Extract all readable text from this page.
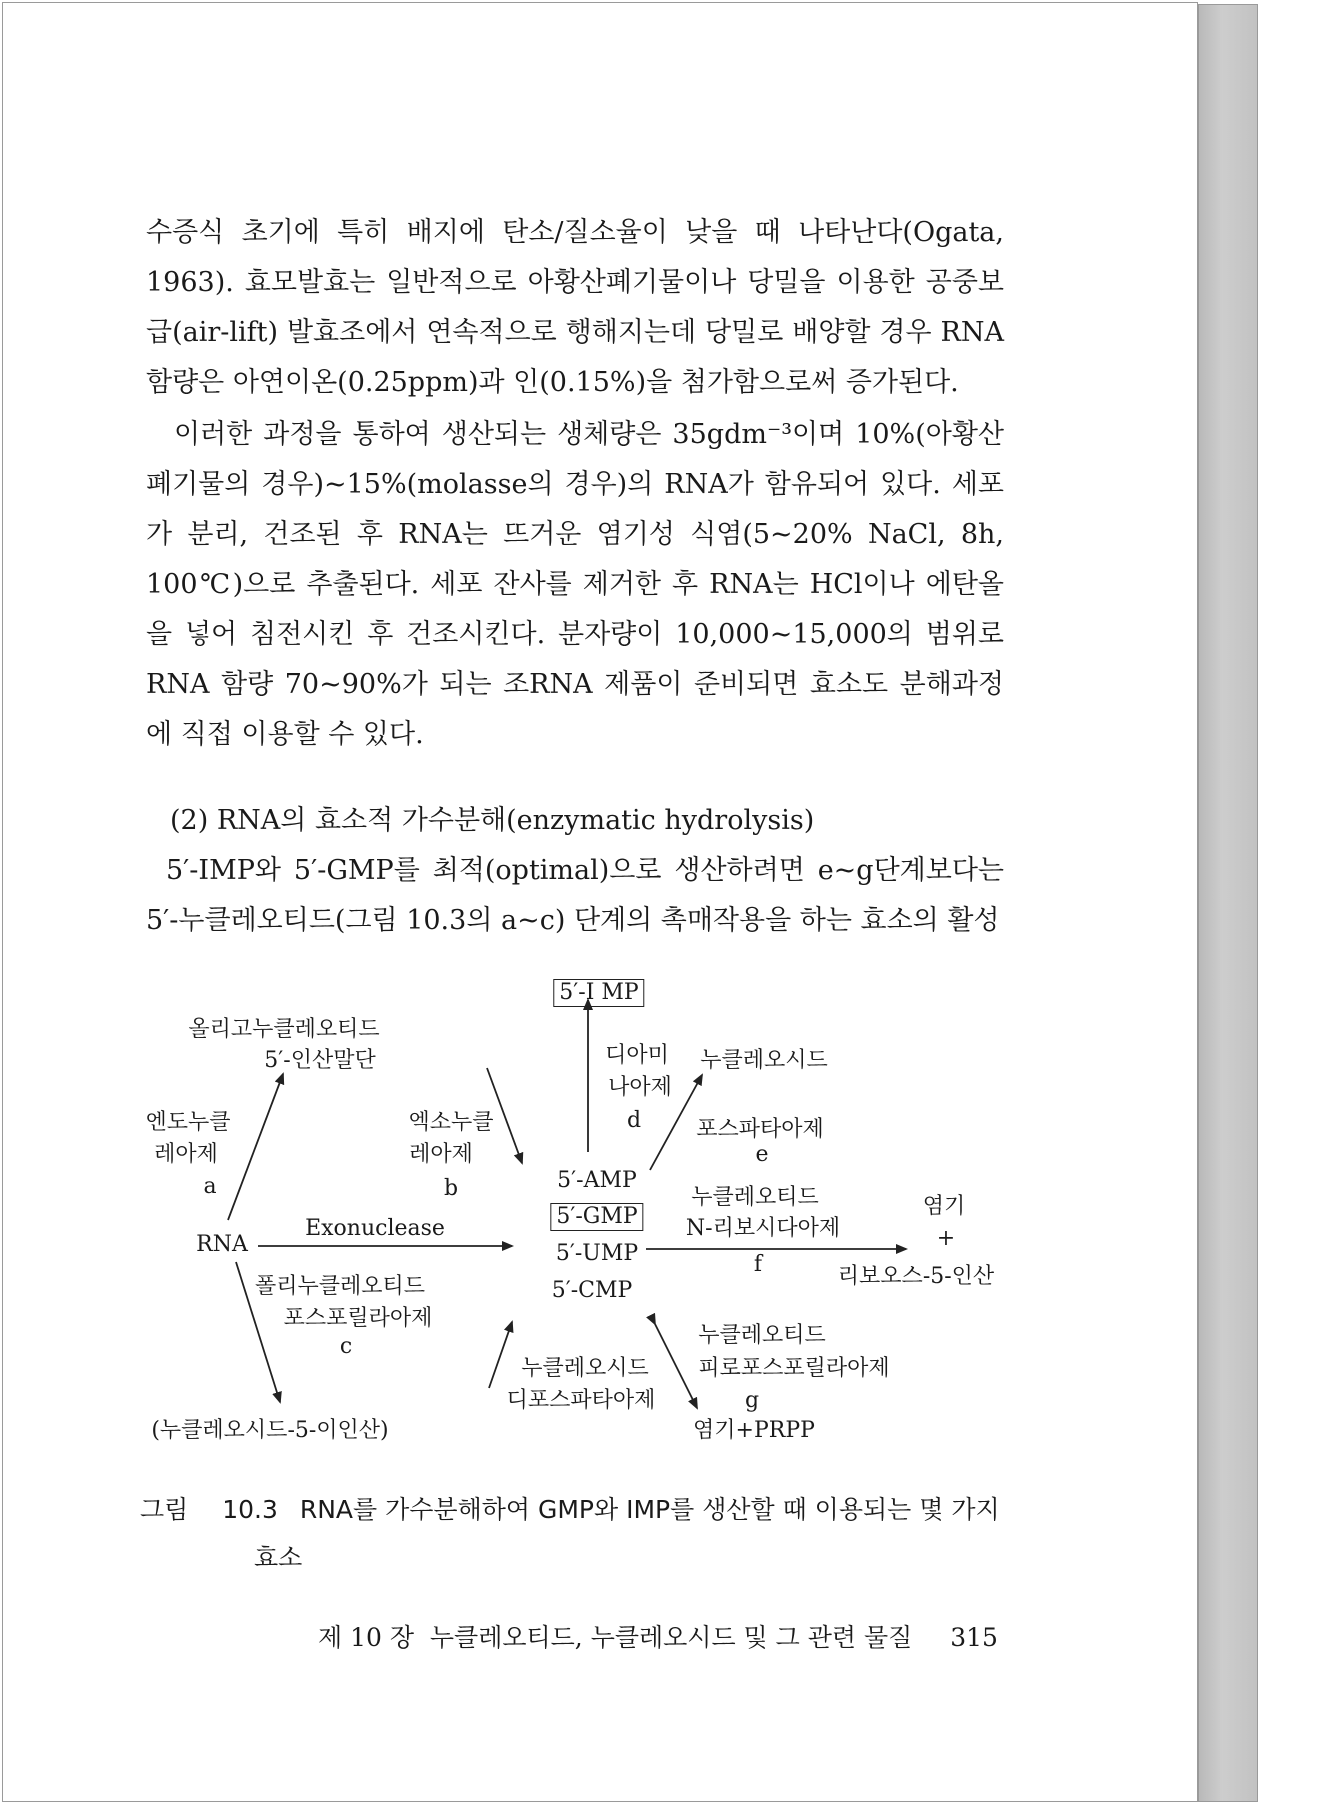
수증식 초기에 특히 배지에 탄소/질소율이 낮을 때 나타난다(Ogata, 1963). 효모발효는 일반적으로 아황산폐기물이나 당밀을 이용한 공중보급(air-lift) 발효조에서 연속적으로 행해지는데 당밀로 배양할 경우 RNA 함량은 아연이온(0.25ppm)과 인(0.15%)을 첨가함으로써 증가된다.

이러한 과정을 통하여 생산되는 생체량은 35gdm⁻³이며 10%(아황산폐기물의 경우)~15%(molasse의 경우)의 RNA가 함유되어 있다. 세포가 분리, 건조된 후 RNA는 뜨거운 염기성 식염(5~20% NaCl, 8h, 100℃)으로 추출된다. 세포 잔사를 제거한 후 RNA는 HCl이나 에탄올을 넣어 침전시킨 후 건조시킨다. 분자량이 10,000~15,000의 범위로 RNA 함량 70~90%가 되는 조RNA 제품이 준비되면 효소도 분해과정에 직접 이용할 수 있다.

(2) RNA의 효소적 가수분해(enzymatic hydrolysis)

5′-IMP와 5′-GMP를 최적(optimal)으로 생산하려면 e~g단계보다는 5′-누클레오티드(그림 10.3의 a~c) 단계의 촉매작용을 하는 효소의 활성

5′-I MP
올리고누클레오티드
5′-인산말단
엔도누클
레아제
a
엑소누클
레아제
b
디아미
나아제
d
누클레오시드
포스파타아제
e
RNA
Exonuclease
5′-AMP
5′-GMP
5′-UMP
5′-CMP
누클레오티드
N-리보시다아제
f
염기
+
리보오스-5-인산
폴리누클레오티드
포스포릴라아제
c
누클레오시드
디포스파타아제
누클레오티드
피로포스포릴라아제
g
(누클레오시드-5-이인산)	염기+PRPP
그림 10.3 RNA를 가수분해하여 GMP와 IMP를 생산할 때 이용되는 몇 가지
효소
제 10 장  누클레오티드, 누클레오시드 및 그 관련 물질 315
